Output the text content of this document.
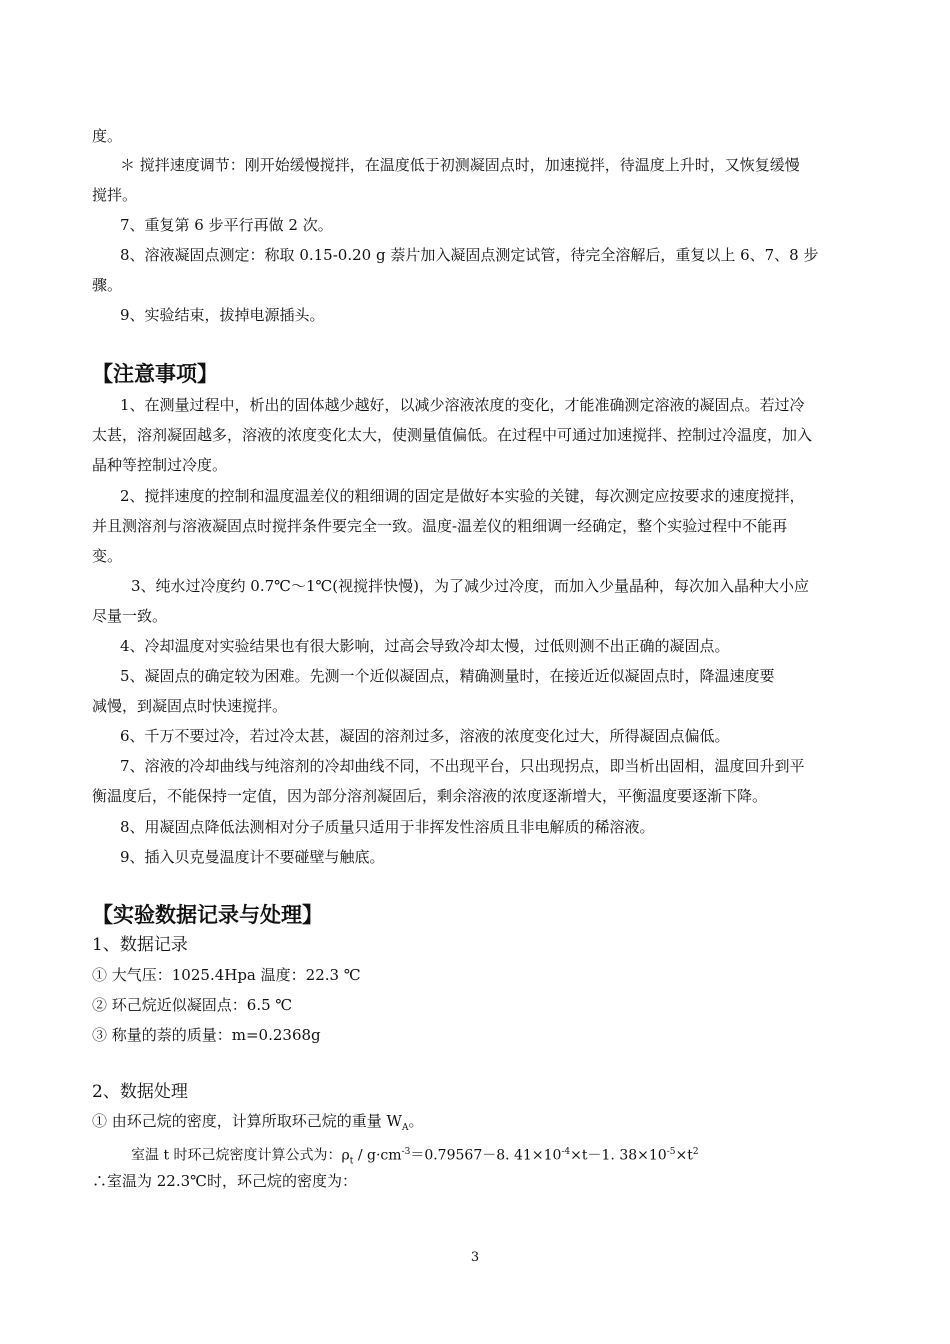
度。
＊ 搅拌速度调节：刚开始缓慢搅拌，在温度低于初测凝固点时，加速搅拌，待温度上升时，又恢复缓慢
搅拌。
7、重复第 6 步平行再做 2 次。
8、溶液凝固点测定：称取 0.15-0.20 g 萘片加入凝固点测定试管，待完全溶解后，重复以上 6、7、8 步
骤。
9、实验结束，拔掉电源插头。
【注意事项】
1、在测量过程中，析出的固体越少越好，以减少溶液浓度的变化，才能准确测定溶液的凝固点。若过冷
太甚，溶剂凝固越多，溶液的浓度变化太大，使测量值偏低。在过程中可通过加速搅拌、控制过冷温度，加入
晶种等控制过冷度。
2、搅拌速度的控制和温度温差仪的粗细调的固定是做好本实验的关键，每次测定应按要求的速度搅拌，
并且测溶剂与溶液凝固点时搅拌条件要完全一致。温度-温差仪的粗细调一经确定，整个实验过程中不能再
变。
3、纯水过冷度约 0.7℃～1℃(视搅拌快慢)，为了减少过冷度，而加入少量晶种，每次加入晶种大小应
尽量一致。
4、冷却温度对实验结果也有很大影响，过高会导致冷却太慢，过低则测不出正确的凝固点。
5、凝固点的确定较为困难。先测一个近似凝固点，精确测量时，在接近近似凝固点时，降温速度要
减慢，到凝固点时快速搅拌。
6、千万不要过冷，若过冷太甚，凝固的溶剂过多，溶液的浓度变化过大，所得凝固点偏低。
7、溶液的冷却曲线与纯溶剂的冷却曲线不同，不出现平台，只出现拐点，即当析出固相，温度回升到平
衡温度后，不能保持一定值，因为部分溶剂凝固后，剩余溶液的浓度逐渐增大，平衡温度要逐渐下降。
8、用凝固点降低法测相对分子质量只适用于非挥发性溶质且非电解质的稀溶液。
9、插入贝克曼温度计不要碰壁与触底。
【实验数据记录与处理】
1、数据记录
① 大气压：1025.4Hpa 温度：22.3 ℃
② 环己烷近似凝固点：6.5 ℃
③ 称量的萘的质量：m=0.2368g
2、数据处理
① 由环己烷的密度，计算所取环己烷的重量 $W_A$。
室温 t 时环己烷密度计算公式为：$\rho_t / g\cdot cm^{-3}=0.79567-8$. $41\times 10^{-4}\times t-1$. $38\times 10^{-5}\times t^2$
∴室温为 22.3℃时，环己烷的密度为：
3
